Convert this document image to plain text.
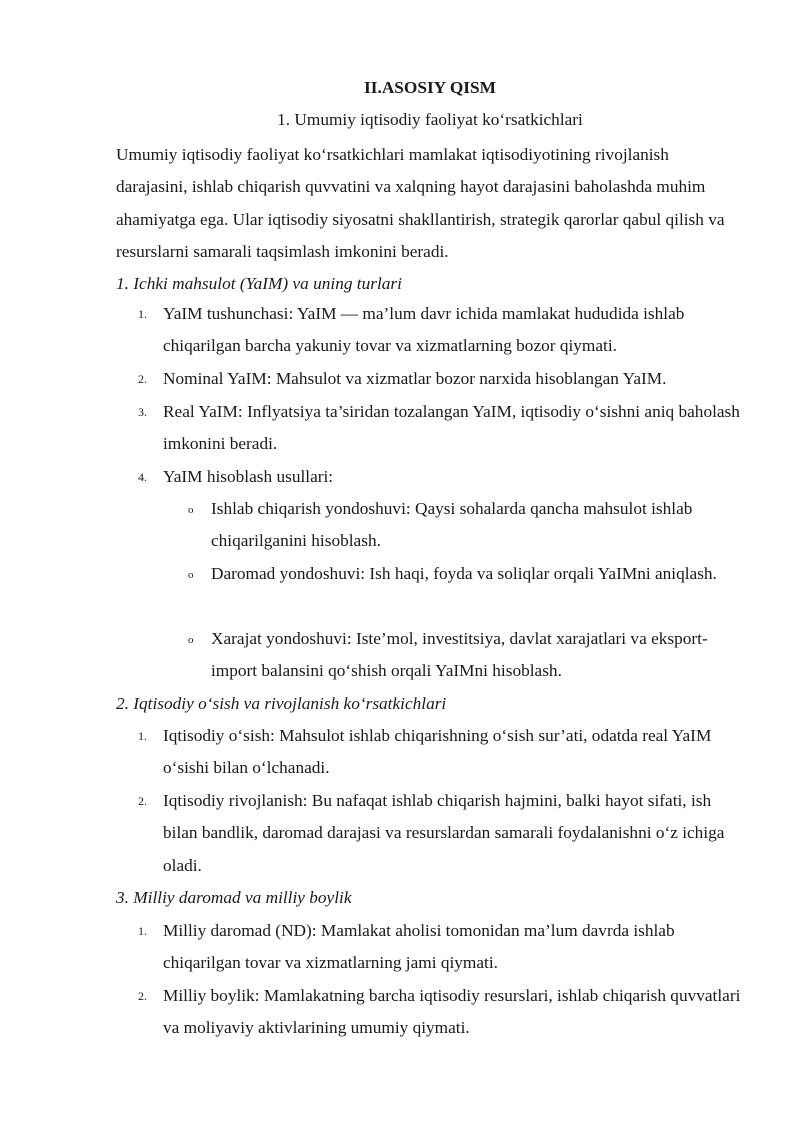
II.ASOSIY QISM
1. Umumiy iqtisodiy faoliyat ko‘rsatkichlari

Umumiy iqtisodiy faoliyat ko‘rsatkichlari mamlakat iqtisodiyotining rivojlanish darajasini, ishlab chiqarish quvvatini va xalqning hayot darajasini baholashda muhim ahamiyatga ega. Ular iqtisodiy siyosatni shakllantirish, strategik qarorlar qabul qilish va resurslarni samarali taqsimlash imkonini beradi.

1. Ichki mahsulot (YaIM) va uning turlari

1. YaIM tushunchasi: YaIM — ma’lum davr ichida mamlakat hududida ishlab chiqarilgan barcha yakuniy tovar va xizmatlarning bozor qiymati.
2. Nominal YaIM: Mahsulot va xizmatlar bozor narxida hisoblangan YaIM.
3. Real YaIM: Inflyatsiya ta’siridan tozalangan YaIM, iqtisodiy o‘sishni aniq baholash imkonini beradi.
4. YaIM hisoblash usullari:
o Ishlab chiqarish yondoshuvi: Qaysi sohalarda qancha mahsulot ishlab chiqarilganini hisoblash.
o Daromad yondoshuvi: Ish haqi, foyda va soliqlar orqali YaIMni aniqlash.
o Xarajat yondoshuvi: Iste’mol, investitsiya, davlat xarajatlari va eksport-import balansini qo‘shish orqali YaIMni hisoblash.

2. Iqtisodiy o‘sish va rivojlanish ko‘rsatkichlari

1. Iqtisodiy o‘sish: Mahsulot ishlab chiqarishning o‘sish sur’ati, odatda real YaIM o‘sishi bilan o‘lchanadi.
2. Iqtisodiy rivojlanish: Bu nafaqat ishlab chiqarish hajmini, balki hayot sifati, ish bilan bandlik, daromad darajasi va resurslardan samarali foydalanishni o‘z ichiga oladi.

3. Milliy daromad va milliy boylik

1. Milliy daromad (ND): Mamlakat aholisi tomonidan ma’lum davrda ishlab chiqarilgan tovar va xizmatlarning jami qiymati.
2. Milliy boylik: Mamlakatning barcha iqtisodiy resurslari, ishlab chiqarish quvvatlari va moliyaviy aktivlarining umumiy qiymati.
